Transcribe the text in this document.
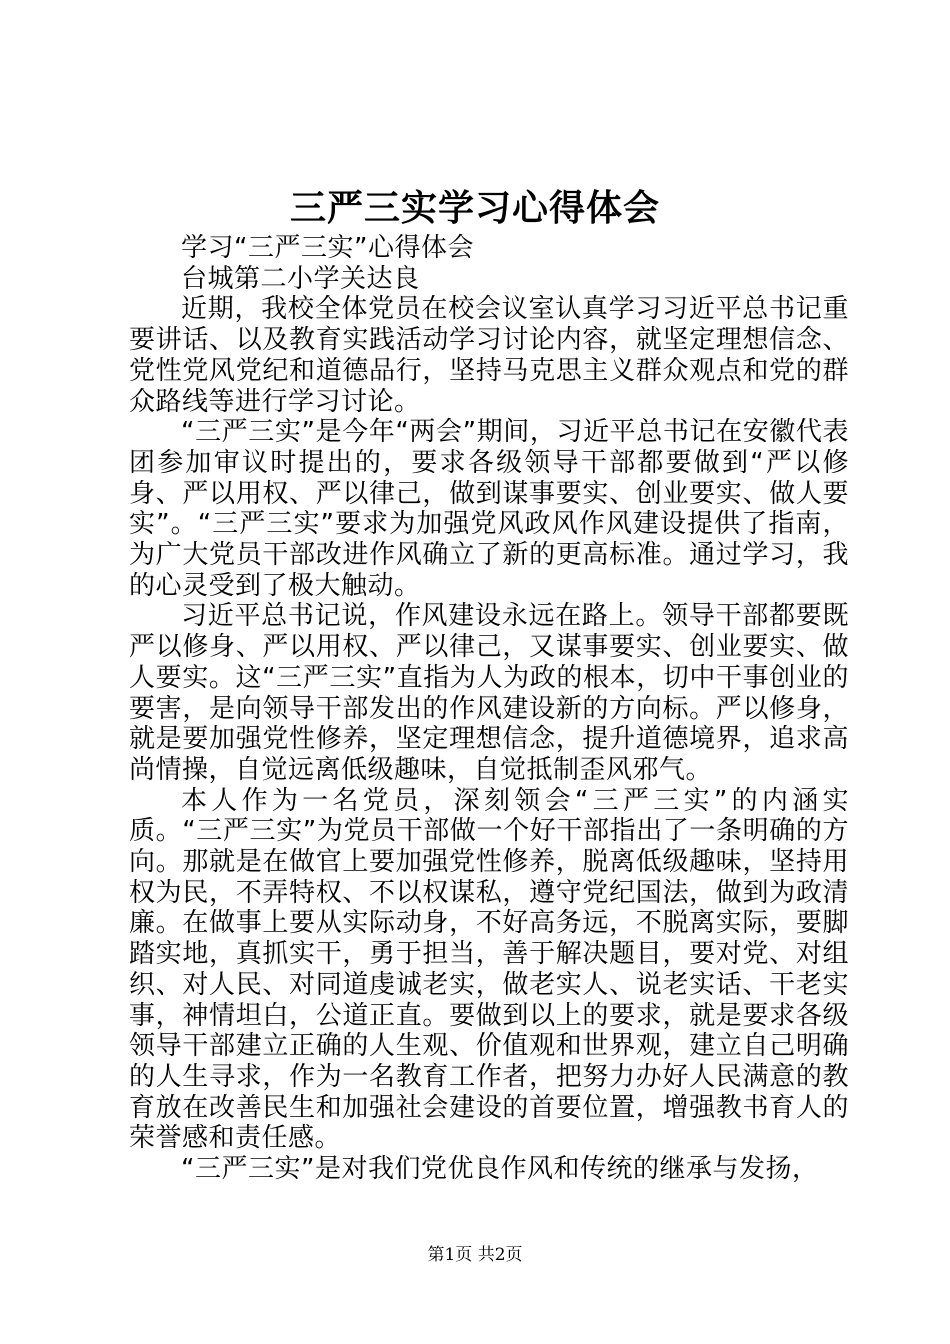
三严三实学习心得体会

学习“三严三实”心得体会

台城第二小学关达良

近期，我校全体党员在校会议室认真学习习近平总书记重要讲话、以及教育实践活动学习讨论内容，就坚定理想信念、党性党风党纪和道德品行，坚持马克思主义群众观点和党的群众路线等进行学习讨论。

“三严三实”是今年“两会”期间，习近平总书记在安徽代表团参加审议时提出的，要求各级领导干部都要做到“严以修身、严以用权、严以律己，做到谋事要实、创业要实、做人要实”。“三严三实”要求为加强党风政风作风建设提供了指南，为广大党员干部改进作风确立了新的更高标准。通过学习，我的心灵受到了极大触动。

习近平总书记说，作风建设永远在路上。领导干部都要既严以修身、严以用权、严以律己，又谋事要实、创业要实、做人要实。这“三严三实”直指为人为政的根本，切中干事创业的要害，是向领导干部发出的作风建设新的方向标。严以修身，就是要加强党性修养，坚定理想信念，提升道德境界，追求高尚情操，自觉远离低级趣味，自觉抵制歪风邪气。

本人作为一名党员，深刻领会“三严三实”的内涵实质。“三严三实”为党员干部做一个好干部指出了一条明确的方向。那就是在做官上要加强党性修养，脱离低级趣味，坚持用权为民，不弄特权、不以权谋私，遵守党纪国法，做到为政清廉。在做事上要从实际动身，不好高务远，不脱离实际，要脚踏实地，真抓实干，勇于担当，善于解决题目，要对党、对组织、对人民、对同道虔诚老实，做老实人、说老实话、干老实事，神情坦白，公道正直。要做到以上的要求，就是要求各级领导干部建立正确的人生观、价值观和世界观，建立自己明确的人生寻求，作为一名教育工作者，把努力办好人民满意的教育放在改善民生和加强社会建设的首要位置，增强教书育人的荣誉感和责任感。

“三严三实”是对我们党优良作风和传统的继承与发扬，

第1页 共2页
